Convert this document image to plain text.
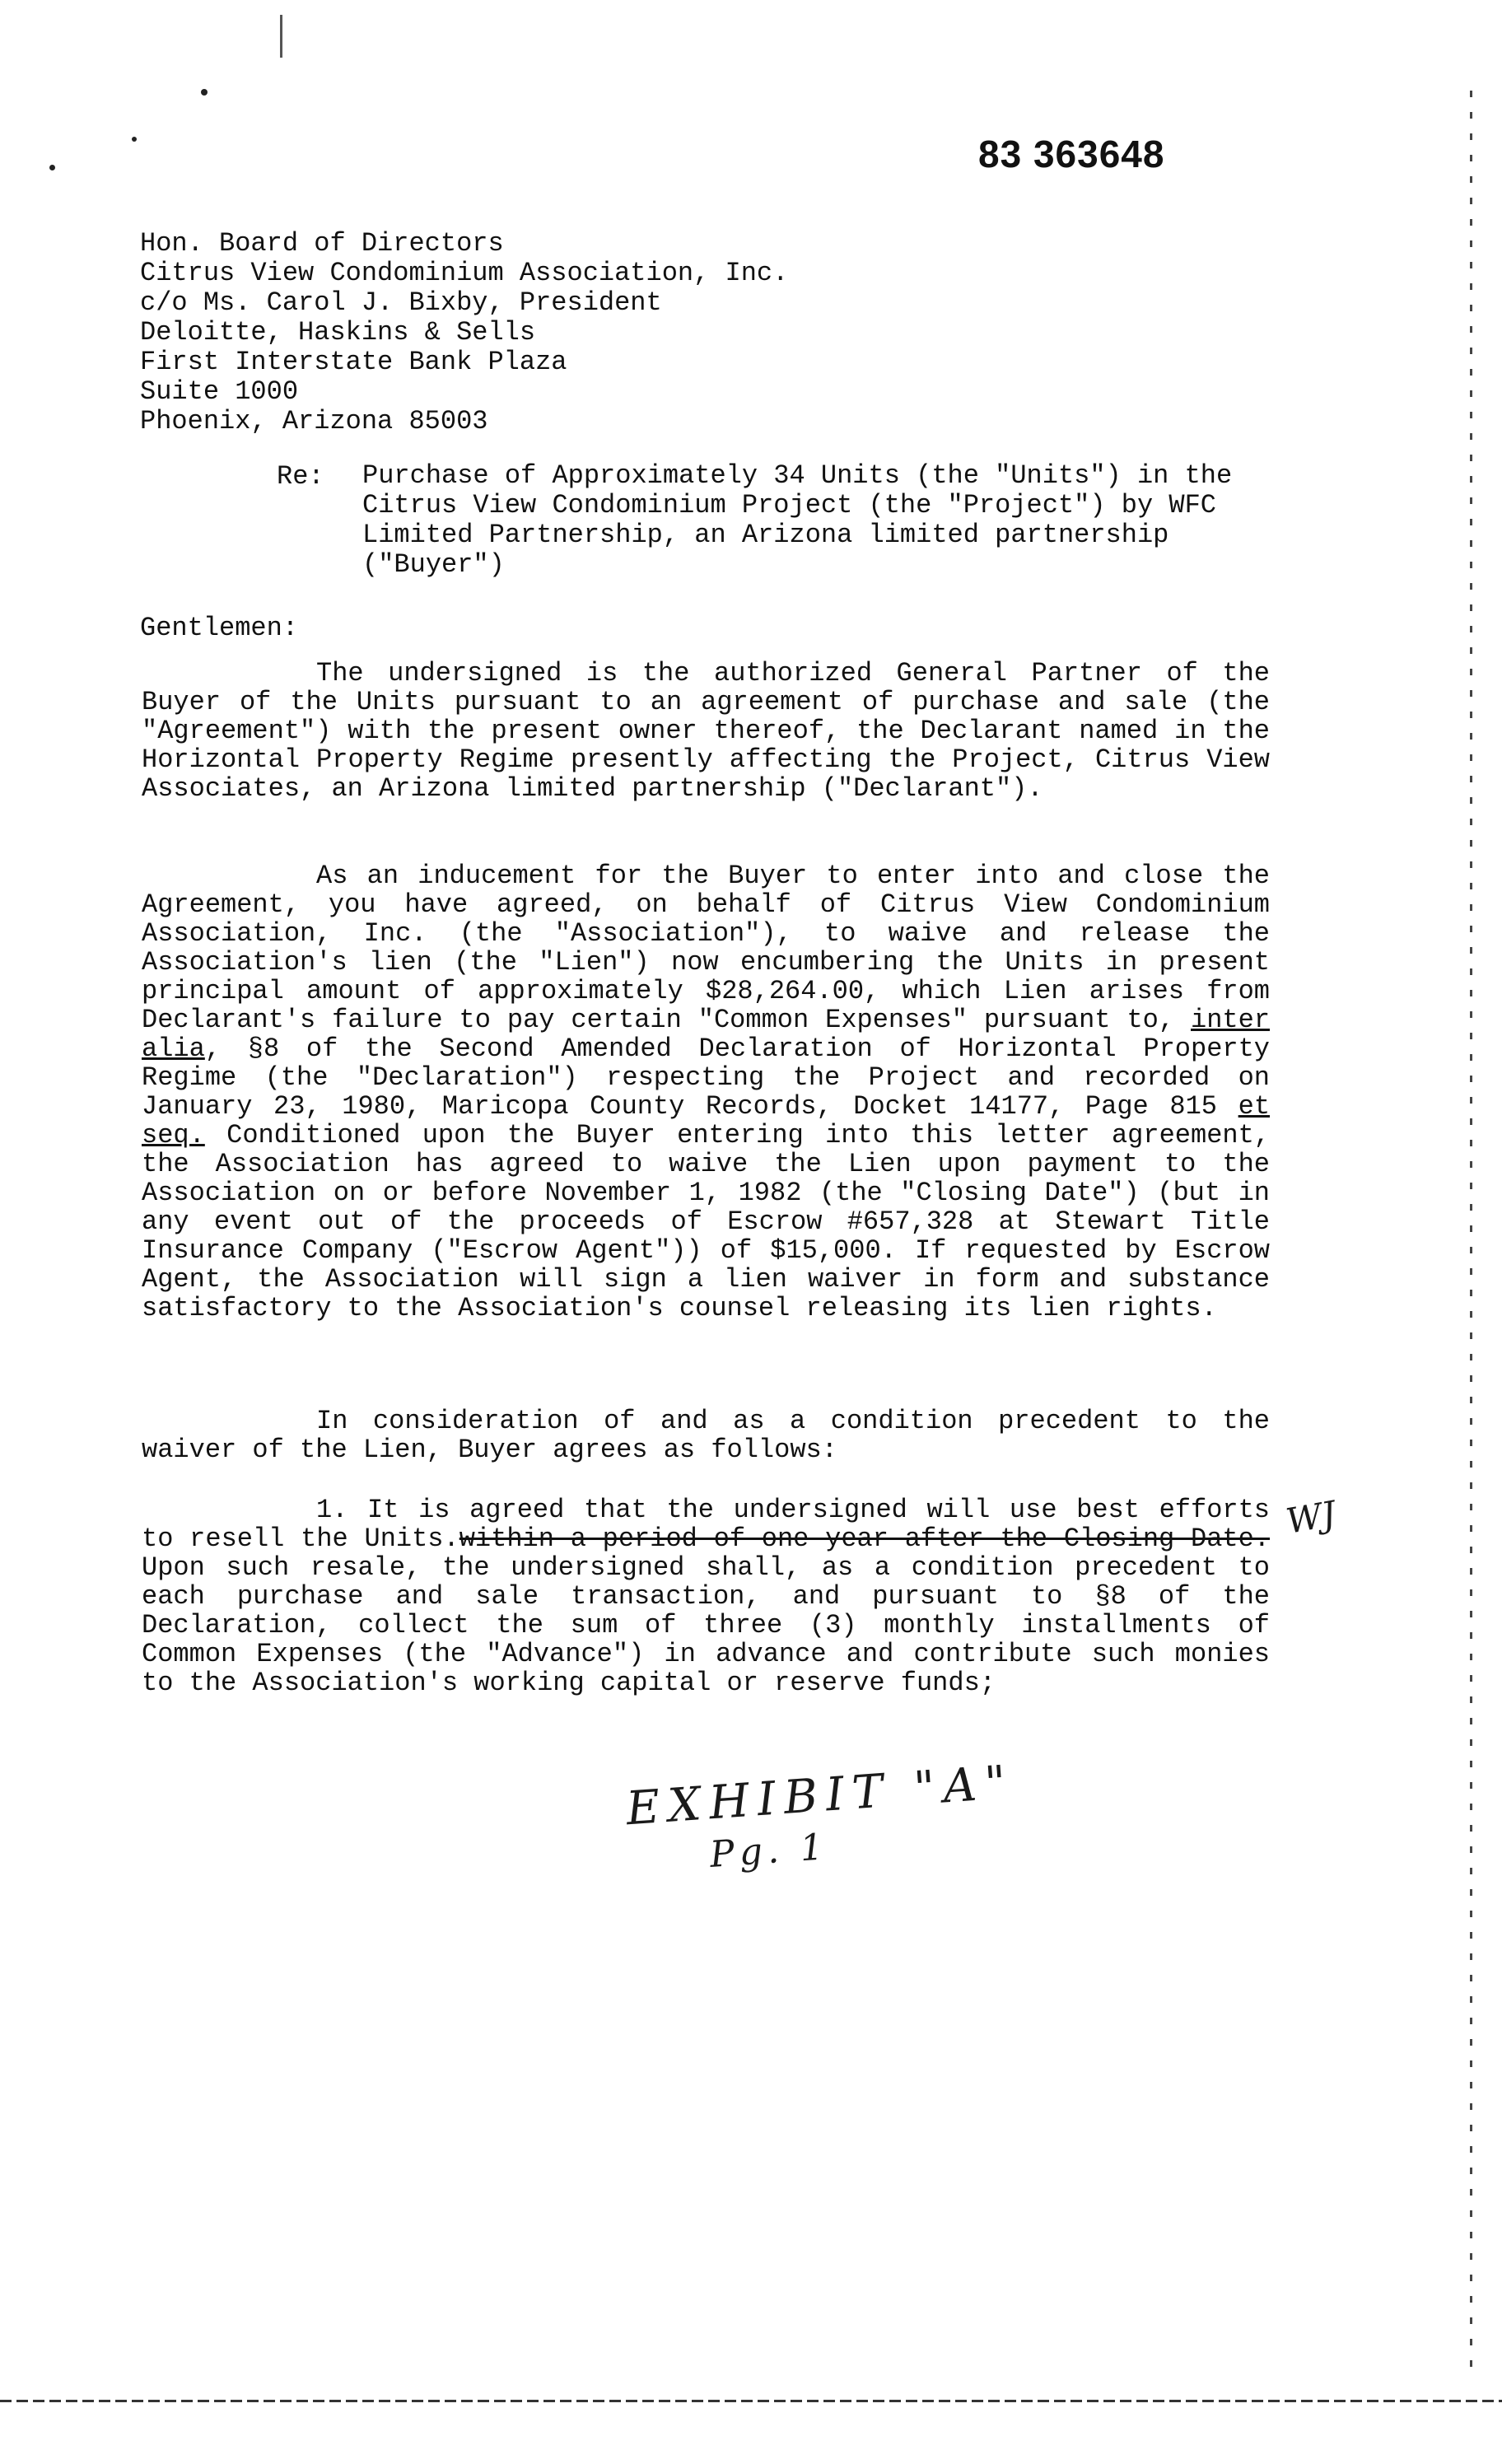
83 363648
Hon. Board of Directors
Citrus View Condominium Association, Inc.
c/o Ms. Carol J. Bixby, President
Deloitte, Haskins & Sells
First Interstate Bank Plaza
Suite 1000
Phoenix, Arizona 85003
Re: Purchase of Approximately 34 Units (the "Units") in the Citrus View Condominium Project (the "Project") by WFC Limited Partnership, an Arizona limited partnership ("Buyer")
Gentlemen:
The undersigned is the authorized General Partner of the Buyer of the Units pursuant to an agreement of purchase and sale (the "Agreement") with the present owner thereof, the Declarant named in the Horizontal Property Regime presently affecting the Project, Citrus View Associates, an Arizona limited partnership ("Declarant").
As an inducement for the Buyer to enter into and close the Agreement, you have agreed, on behalf of Citrus View Condominium Association, Inc. (the "Association"), to waive and release the Association's lien (the "Lien") now encumbering the Units in present principal amount of approximately $28,264.00, which Lien arises from Declarant's failure to pay certain "Common Expenses" pursuant to, inter alia, §8 of the Second Amended Declaration of Horizontal Property Regime (the "Declaration") respecting the Project and recorded on January 23, 1980, Maricopa County Records, Docket 14177, Page 815 et seq. Conditioned upon the Buyer entering into this letter agreement, the Association has agreed to waive the Lien upon payment to the Association on or before November 1, 1982 (the "Closing Date") (but in any event out of the proceeds of Escrow #657,328 at Stewart Title Insurance Company ("Escrow Agent")) of $15,000. If requested by Escrow Agent, the Association will sign a lien waiver in form and substance satisfactory to the Association's counsel releasing its lien rights.
In consideration of and as a condition precedent to the waiver of the Lien, Buyer agrees as follows:
1. It is agreed that the undersigned will use best efforts to resell the Units.within a period of one year after the Closing Date. Upon such resale, the undersigned shall, as a condition precedent to each purchase and sale transaction, and pursuant to §8 of the Declaration, collect the sum of three (3) monthly installments of Common Expenses (the "Advance") in advance and contribute such monies to the Association's working capital or reserve funds;
WJ
EXHIBIT "A"
Pg. 1
